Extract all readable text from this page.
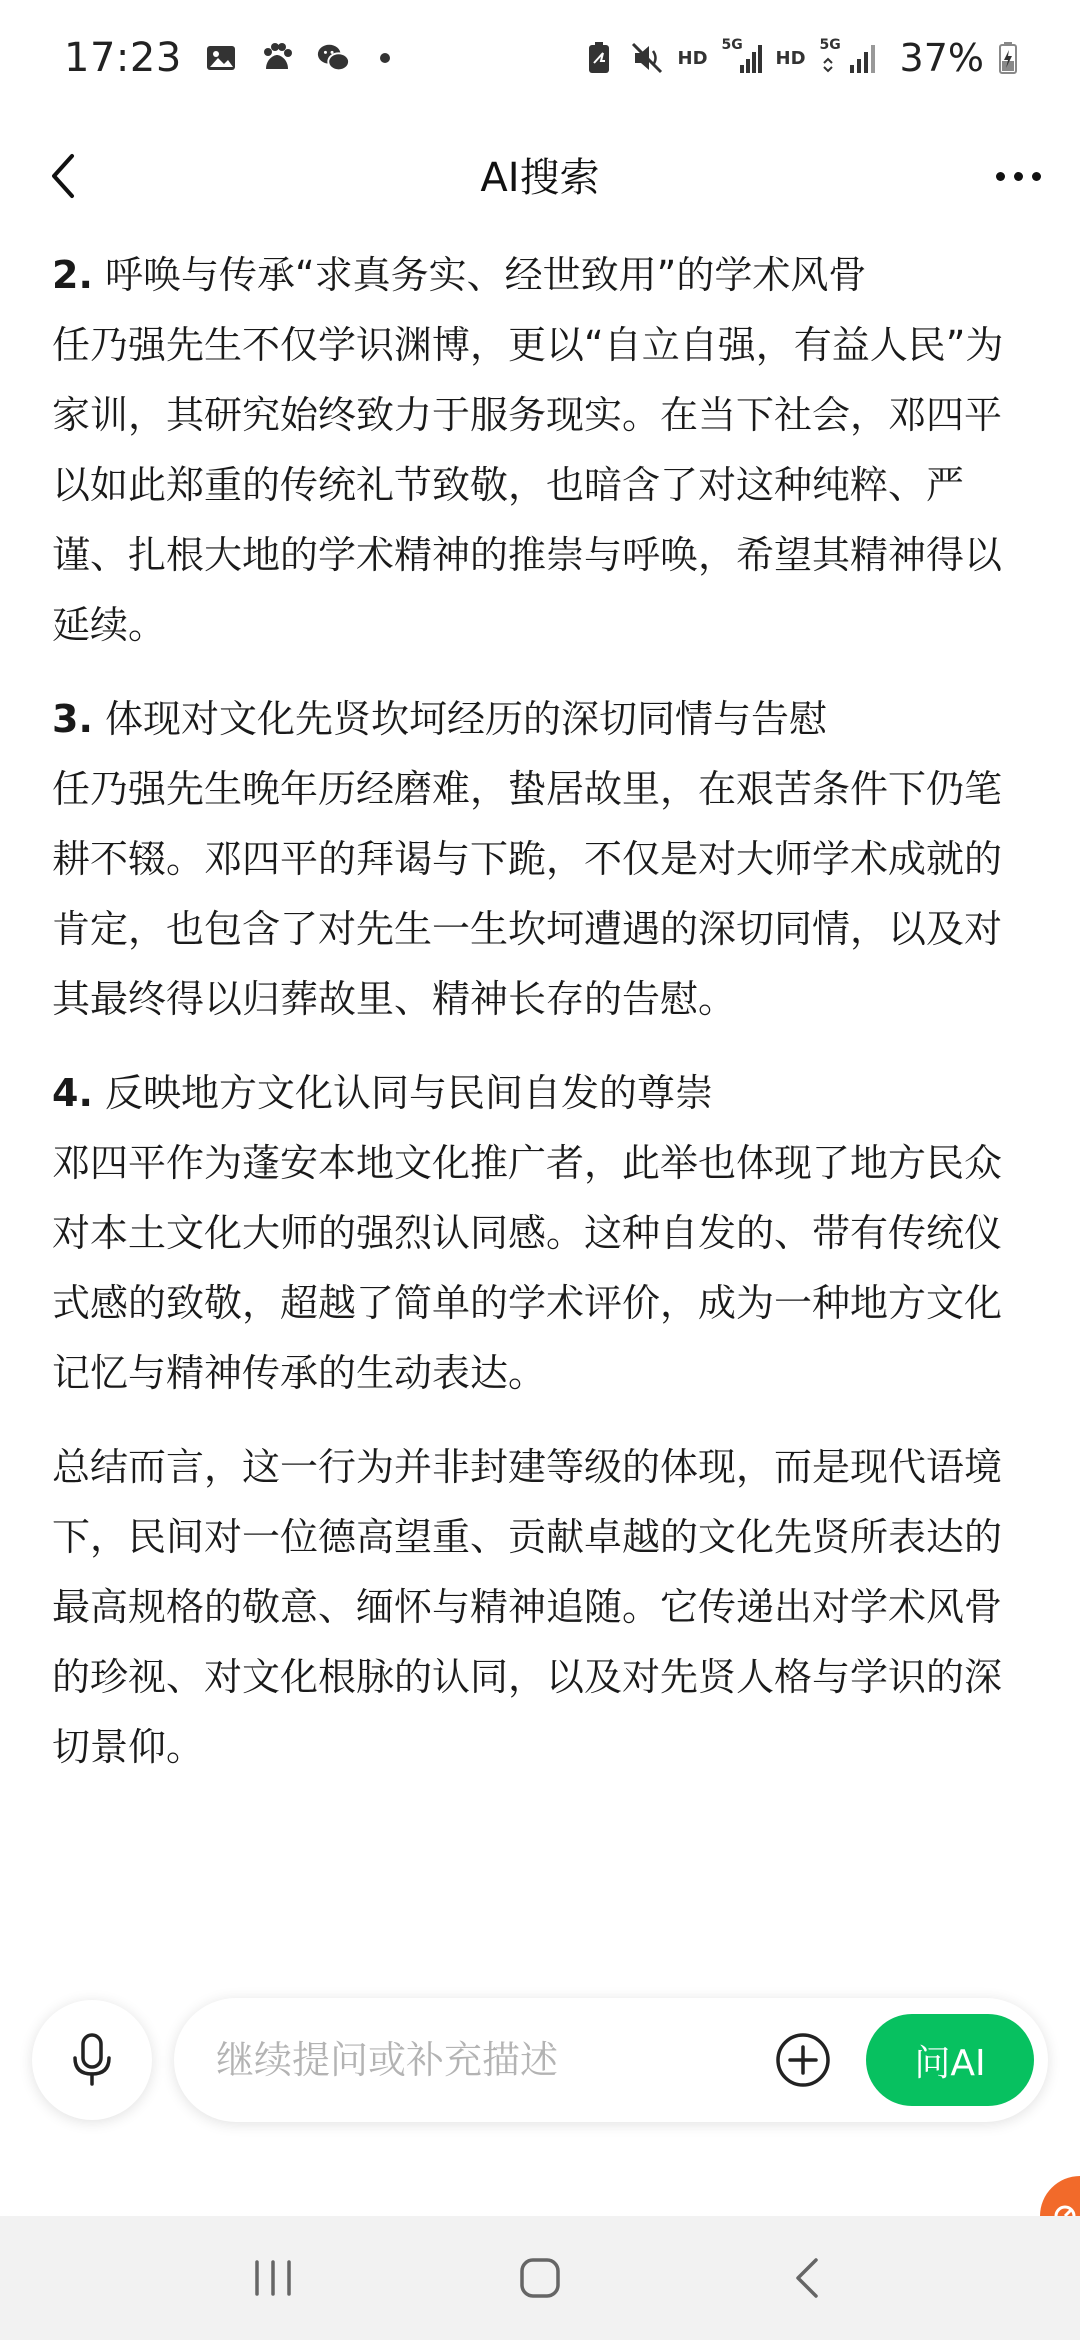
17:23	HD
5G
HD
5G 37%
AI搜索

2. 呼唤与传承“求真务实、经世致用”的学术风骨

任乃强先生不仅学识渊博，更以“自立自强，有益人民”为家训，其研究始终致力于服务现实。在当下社会，邓四平以如此郑重的传统礼节致敬，也暗含了对这种纯粹、严谨、扎根大地的学术精神的推崇与呼唤，希望其精神得以延续。

3. 体现对文化先贤坎坷经历的深切同情与告慰

任乃强先生晚年历经磨难，蛰居故里，在艰苦条件下仍笔耕不辍。邓四平的拜谒与下跪，不仅是对大师学术成就的肯定，也包含了对先生一生坎坷遭遇的深切同情，以及对其最终得以归葬故里、精神长存的告慰。

4. 反映地方文化认同与民间自发的尊崇

邓四平作为蓬安本地文化推广者，此举也体现了地方民众对本土文化大师的强烈认同感。这种自发的、带有传统仪式感的致敬，超越了简单的学术评价，成为一种地方文化记忆与精神传承的生动表达。

总结而言，这一行为并非封建等级的体现，而是现代语境下，民间对一位德高望重、贡献卓越的文化先贤所表达的最高规格的敬意、缅怀与精神追随。它传递出对学术风骨的珍视、对文化根脉的认同，以及对先贤人格与学识的深切景仰。

继续提问或补充描述
问AI
